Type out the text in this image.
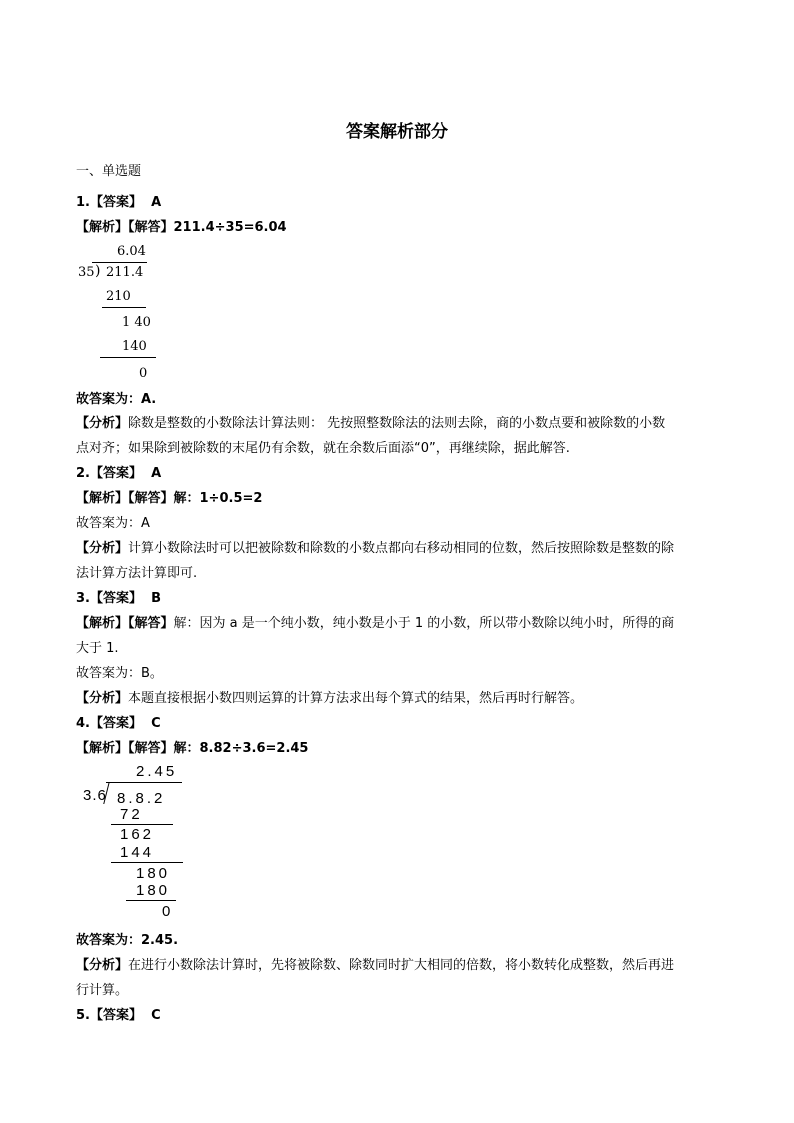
答案解析部分
一、单选题
1.【答案】 A
【解析】【解答】211.4÷35=6.04
6.04
35 ) 211.4
210
1 40
140
0
故答案为：A.
【分析】除数是整数的小数除法计算法则： 先按照整数除法的法则去除，商的小数点要和被除数的小数
点对齐；如果除到被除数的末尾仍有余数，就在余数后面添“0”，再继续除，据此解答.
2.【答案】 A
【解析】【解答】解：1÷0.5=2
故答案为：A
【分析】计算小数除法时可以把被除数和除数的小数点都向右移动相同的位数，然后按照除数是整数的除
法计算方法计算即可.
3.【答案】 B
【解析】【解答】解：因为 a 是一个纯小数，纯小数是小于 1 的小数，所以带小数除以纯小时，所得的商
大于 1.
故答案为：B。
【分析】本题直接根据小数四则运算的计算方法求出每个算式的结果，然后再时行解答。
4.【答案】 C
【解析】【解答】解：8.82÷3.6=2.45
2.45
3.6 8.8.2
72
162
144
180
180
0
故答案为：2.45.
【分析】在进行小数除法计算时，先将被除数、除数同时扩大相同的倍数，将小数转化成整数，然后再进
行计算。
5.【答案】 C
